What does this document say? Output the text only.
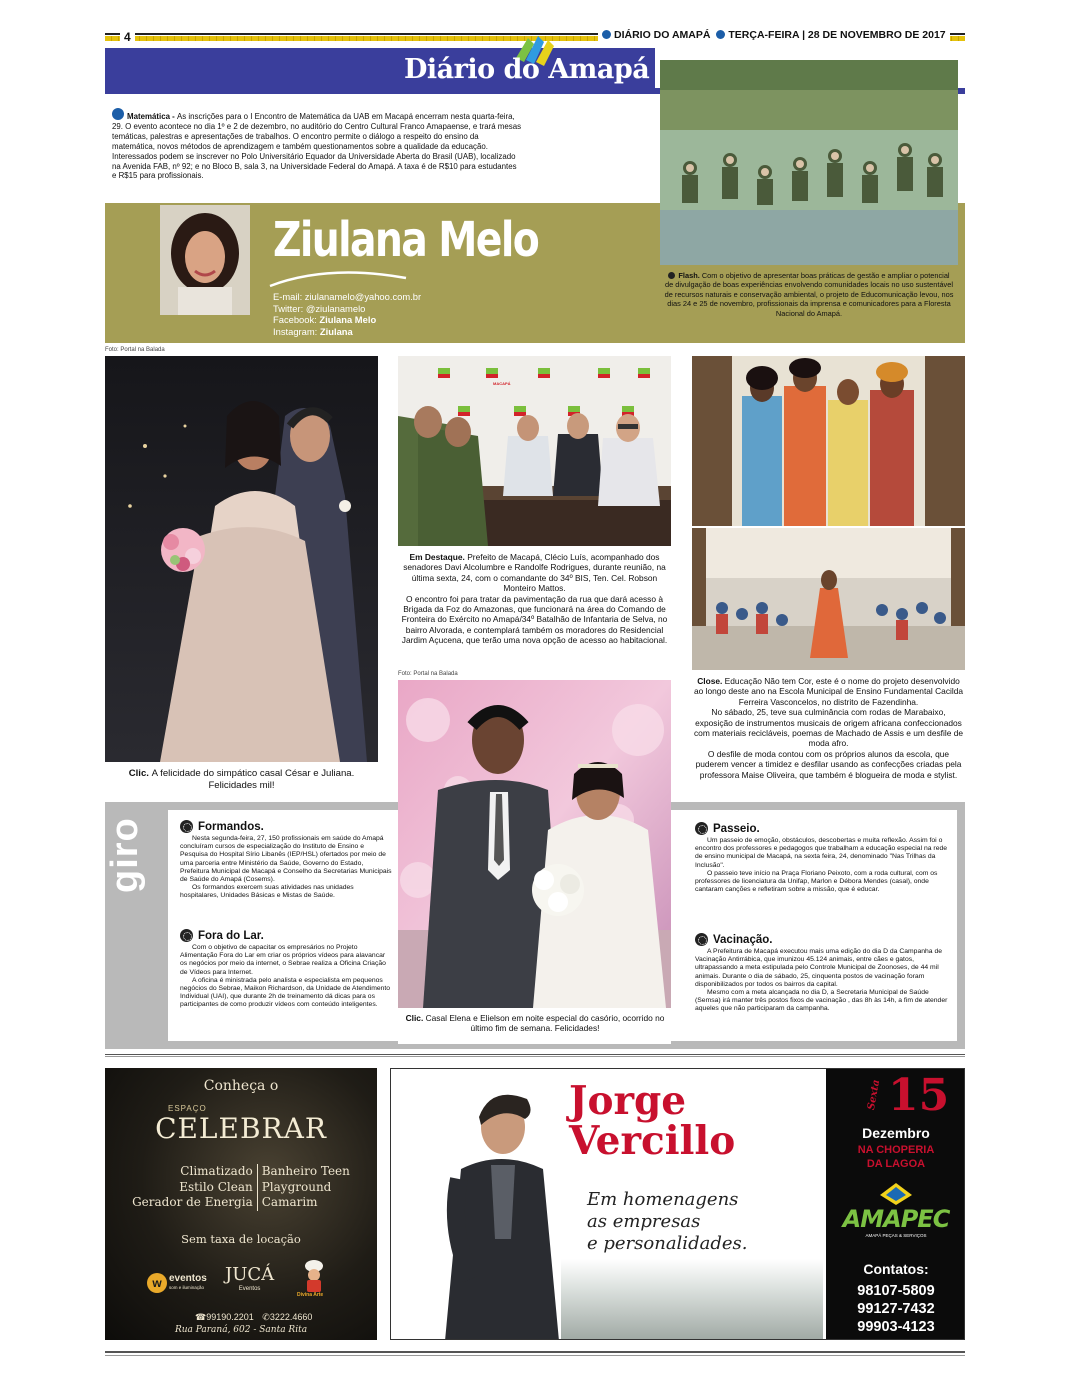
4	DIÁRIO DO AMAPÁ TERÇA-FEIRA | 28 DE NOVEMBRO DE 2017
Diário do Amapá
Matemática - As inscrições para o I Encontro de Matemática da UAB em Macapá encerram nesta quarta-feira, 29. O evento acontece no dia 1º e 2 de dezembro, no auditório do Centro Cultural Franco Amapaense, e trará mesas temáticas, palestras e apresentações de trabalhos. O encontro permite o diálogo a respeito do ensino da matemática, novos métodos de aprendizagem e também questionamentos sobre a qualidade da educação. Interessados podem se inscrever no Polo Universitário Equador da Universidade Aberta do Brasil (UAB), localizado na Avenida FAB, nº 92; e no Bloco B, sala 3, na Universidade Federal do Amapá. A taxa é de R$10 para estudantes e R$15 para profissionais.
Ziulana Melo
E-mail: ziulanamelo@yahoo.com.br
Twitter: @ziulanamelo
Facebook: Ziulana Melo
Instagram: Ziulana
Flash. Com o objetivo de apresentar boas práticas de gestão e ampliar o potencial de divulgação de boas experiências envolvendo comunidades locais no uso sustentável de recursos naturais e conservação ambiental, o projeto de Educomunicação levou, nos dias 24 e 25 de novembro, profissionais da imprensa e comunicadores para a Floresta Nacional do Amapá.
Foto: Portal na Balada
Clic. A felicidade do simpático casal César e Juliana. Felicidades mil!
MACAPÁ
Em Destaque. Prefeito de Macapá, Clécio Luís, acompanhado dos senadores Davi Alcolumbre e Randolfe Rodrigues, durante reunião, na última sexta, 24, com o comandante do 34º BIS, Ten. Cel. Robson Monteiro Mattos.
O encontro foi para tratar da pavimentação da rua que dará acesso à Brigada da Foz do Amazonas, que funcionará na área do Comando de Fronteira do Exército no Amapá/34º Batalhão de Infantaria de Selva, no bairro Alvorada, e contemplará também os moradores do Residencial Jardim Açucena, que terão uma nova opção de acesso ao habitacional.
Close. Educação Não tem Cor, este é o nome do projeto desenvolvido ao longo deste ano na Escola Municipal de Ensino Fundamental Cacilda Ferreira Vasconcelos, no distrito de Fazendinha.
No sábado, 25, teve sua culminância com rodas de Marabaixo, exposição de instrumentos musicais de origem africana confeccionados com materiais recicláveis, poemas de Machado de Assis e um desfile de moda afro.
O desfile de moda contou com os próprios alunos da escola, que puderem vencer a timidez e desfilar usando as confecções criadas pela professora Maise Oliveira, que também é blogueira de moda e stylist.
giro	Formandos.
Nesta segunda-feira, 27, 150 profissionais em saúde do Amapá concluíram cursos de especialização do Instituto de Ensino e Pesquisa do Hospital Sírio Libanês (IEP/HSL) ofertados por meio de uma parceria entre Ministério da Saúde, Governo do Estado, Prefeitura Municipal de Macapá e Conselho da Secretarias Municipais de Saúde do Amapá (Cosems).
Os formandos exercem suas atividades nas unidades hospitalares, Unidades Básicas e Mistas de Saúde.
Fora do Lar.
Com o objetivo de capacitar os empresários no Projeto Alimentação Fora do Lar em criar os próprios vídeos para alavancar os negócios por meio da internet, o Sebrae realiza a Oficina Criação de Vídeos para Internet.
A oficina é ministrada pelo analista e especialista em pequenos negócios do Sebrae, Maikon Richardson, da Unidade de Atendimento Individual (UAI), que durante 2h de treinamento dá dicas para os participantes de como produzir vídeos com conteúdo inteligentes.
Passeio.
Um passeio de emoção, obstáculos, descobertas e muita reflexão. Assim foi o encontro dos professores e pedagogos que trabalham a educação especial na rede de ensino municipal de Macapá, na sexta feira, 24, denominado "Nas Trilhas da Inclusão".
O passeio teve início na Praça Floriano Peixoto, com a roda cultural, com os professores de licenciatura da Unifap, Marlon e Débora Mendes (casal), onde cantaram canções e refletiram sobre a missão, que é educar.
Vacinação.
A Prefeitura de Macapá executou mais uma edição do dia D da Campanha de Vacinação Antirrábica, que imunizou 45.124 animais, entre cães e gatos, ultrapassando a meta estipulada pelo Controle Municipal de Zoonoses, de 44 mil animais. Durante o dia de sábado, 25, cinquenta postos de vacinação foram disponibilizados por todos os bairros da capital.
Mesmo com a meta alcançada no dia D, a Secretaria Municipal de Saúde (Semsa) irá manter três postos fixos de vacinação , das 8h às 14h, a fim de atender aqueles que não participaram da campanha.
Foto: Portal na Balada
Clic. Casal Elena e Elielson em noite especial do casório, ocorrido no último fim de semana. Felicidades!
Conheça o
ESPAÇO
CELEBRAR
Climatizado
Estilo Clean
Gerador de Energia
Banheiro Teen
Playground
Camarim
Sem taxa de locação
w eventos
som e iluminação
JUCÁ
Eventos
Divina Arte
☎99190.2201 ✆3222.4660
Rua Paraná, 602 - Santa Rita
Jorge
Vercillo
Em homenagens
as empresas
e personalidades.
Sexta 15
Dezembro
NA CHOPERIA
DA LAGOA
AMAPEC
AMAPÁ PEÇAS & SERVIÇOS
Contatos:
98107-5809
99127-7432
99903-4123
